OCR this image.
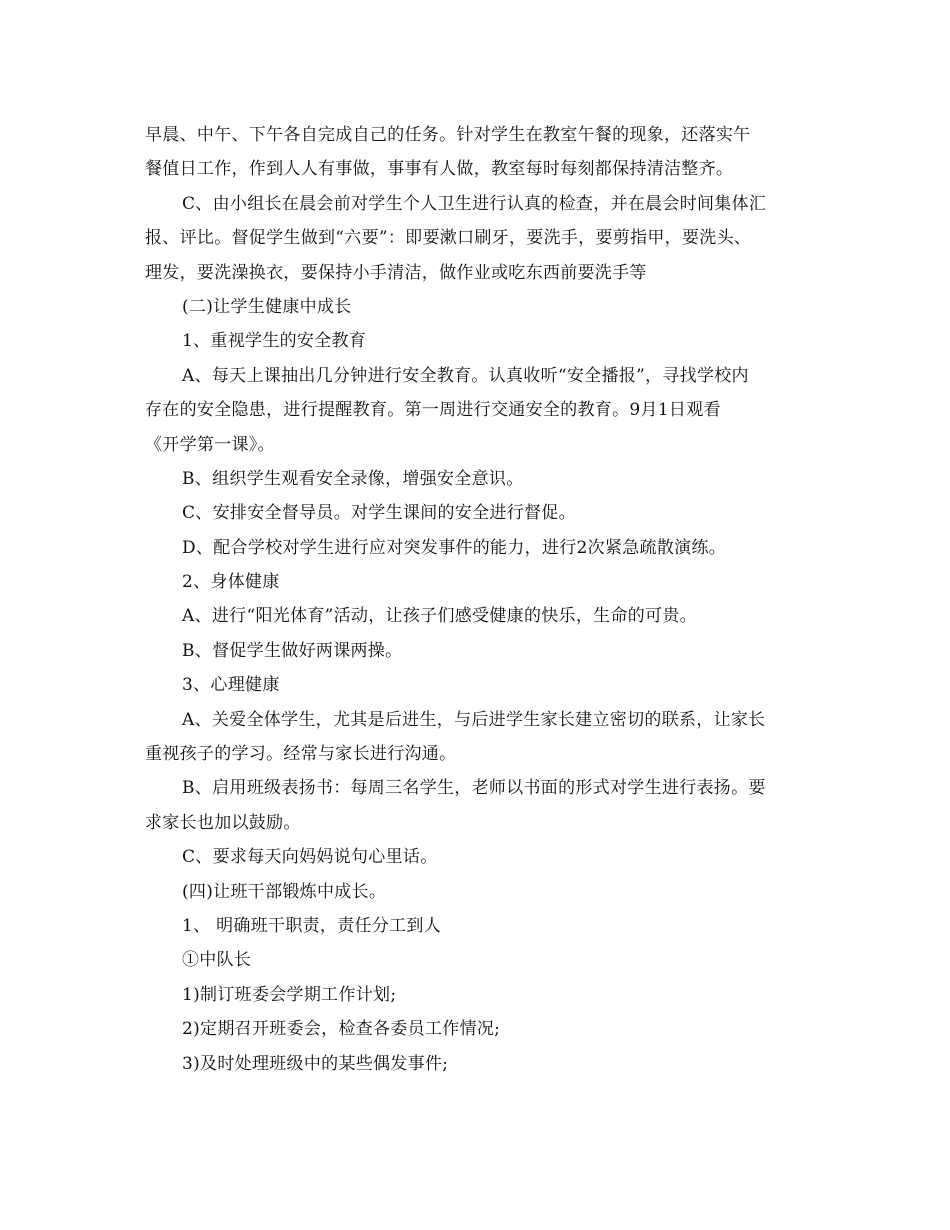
早晨、中午、下午各自完成自己的任务。针对学生在教室午餐的现象，还落实午
餐值日工作，作到人人有事做，事事有人做，教室每时每刻都保持清洁整齐。
C、由小组长在晨会前对学生个人卫生进行认真的检查，并在晨会时间集体汇
报、评比。督促学生做到“六要”：即要漱口刷牙，要洗手，要剪指甲，要洗头、
理发，要洗澡换衣，要保持小手清洁，做作业或吃东西前要洗手等
(二)让学生健康中成长
1、重视学生的安全教育
A、每天上课抽出几分钟进行安全教育。认真收听“安全播报”，寻找学校内
存在的安全隐患，进行提醒教育。第一周进行交通安全的教育。9月1日观看
《开学第一课》。
B、组织学生观看安全录像，增强安全意识。
C、安排安全督导员。对学生课间的安全进行督促。
D、配合学校对学生进行应对突发事件的能力，进行2次紧急疏散演练。
2、身体健康
A、进行“阳光体育”活动，让孩子们感受健康的快乐，生命的可贵。
B、督促学生做好两课两操。
3、心理健康
A、关爱全体学生，尤其是后进生，与后进学生家长建立密切的联系，让家长
重视孩子的学习。经常与家长进行沟通。
B、启用班级表扬书：每周三名学生，老师以书面的形式对学生进行表扬。要
求家长也加以鼓励。
C、要求每天向妈妈说句心里话。
(四)让班干部锻炼中成长。
1、 明确班干职责，责任分工到人
①中队长
1)制订班委会学期工作计划;
2)定期召开班委会，检查各委员工作情况;
3)及时处理班级中的某些偶发事件;
